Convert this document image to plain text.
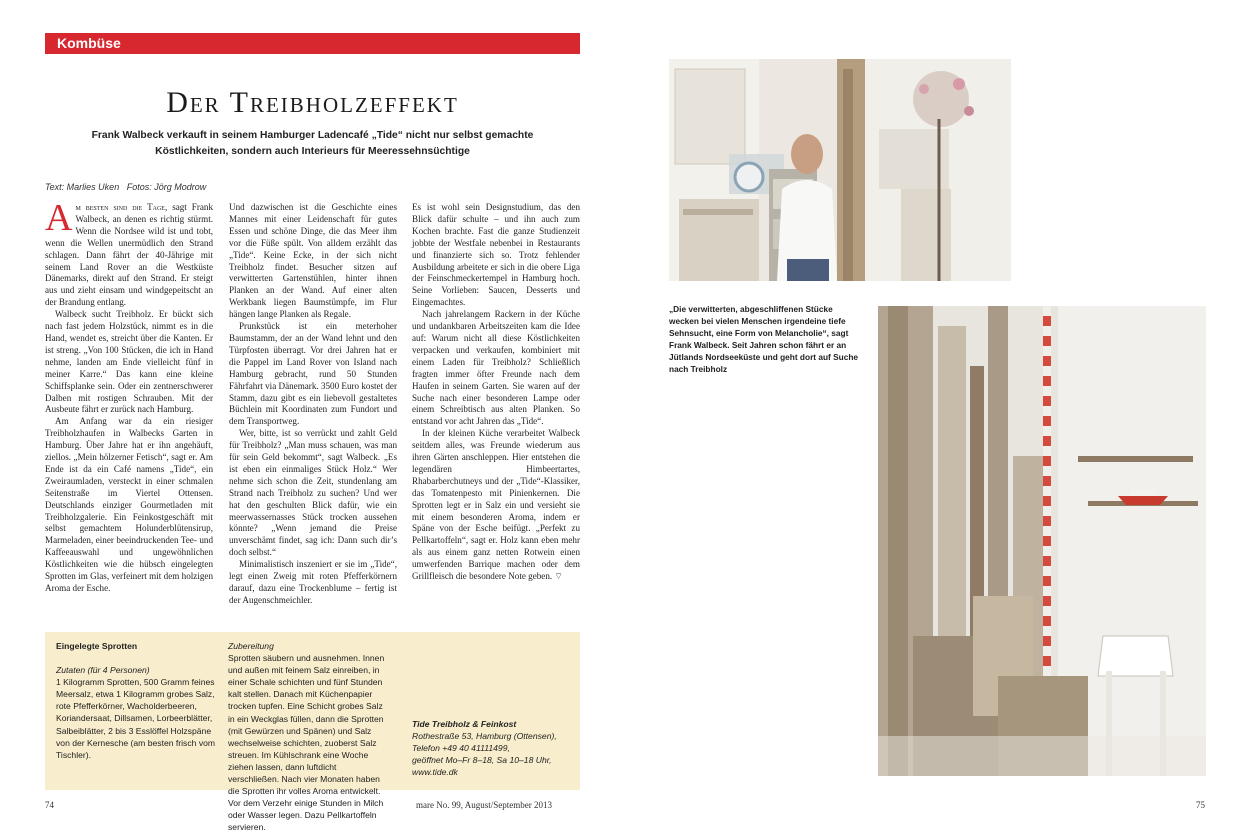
Kombüse
Der Treibholzeffekt
Frank Walbeck verkauft in seinem Hamburger Ladencafé „Tide“ nicht nur selbst gemachte Köstlichkeiten, sondern auch Interieurs für Meeressehnsüchtige
Text: Marlies Uken   Fotos: Jörg Modrow

Am besten sind die Tage, sagt Frank Walbeck, an denen es richtig stürmt. Wenn die Nordsee wild ist und tobt, wenn die Wellen unermüdlich den Strand schlagen. Dann fährt der 40-Jährige mit seinem Land Rover an die Westküste Dänemarks, direkt auf den Strand. Er steigt aus und zieht einsam und windgepeitscht an der Brandung entlang.

Walbeck sucht Treibholz. Er bückt sich nach fast jedem Holzstück, nimmt es in die Hand, wendet es, streicht über die Kanten. Er ist streng. „Von 100 Stücken, die ich in Hand nehme, landen am Ende vielleicht fünf in meiner Karre.“ Das kann eine kleine Schiffsplanke sein. Oder ein zentnerschwerer Dalben mit rostigen Schrauben. Mit der Ausbeute fährt er zurück nach Hamburg.

Am Anfang war da ein riesiger Treibholzhaufen in Walbecks Garten in Hamburg. Über Jahre hat er ihn angehäuft, ziellos. „Mein hölzerner Fetisch“, sagt er. Am Ende ist da ein Café namens „Tide“, ein Zweiraumladen, versteckt in einer schmalen Seitenstraße im Viertel Ottensen. Deutschlands einziger Gourmetladen mit Treibholzgalerie. Ein Feinkostgeschäft mit selbst gemachtem Holunderblütensirup, Marmeladen, einer beeindruckenden Tee- und Kaffeeauswahl und ungewöhnlichen Köstlichkeiten wie die hübsch eingelegten Sprotten im Glas, verfeinert mit dem holzigen Aroma der Esche.

Und dazwischen ist die Geschichte eines Mannes mit einer Leidenschaft für gutes Essen und schöne Dinge, die das Meer ihm vor die Füße spült. Von alldem erzählt das „Tide“. Keine Ecke, in der sich nicht Treibholz findet. Besucher sitzen auf verwitterten Gartenstühlen, hinter ihnen Planken an der Wand. Auf einer alten Werkbank liegen Baumstümpfe, im Flur hängen lange Planken als Regale.

Prunkstück ist ein meterhoher Baumstamm, der an der Wand lehnt und den Türpfosten überragt. Vor drei Jahren hat er die Pappel im Land Rover von Island nach Hamburg gebracht, rund 50 Stunden Fährfahrt via Dänemark. 3500 Euro kostet der Stamm, dazu gibt es ein liebevoll gestaltetes Büchlein mit Koordinaten zum Fundort und dem Transportweg.

Wer, bitte, ist so verrückt und zahlt Geld für Treibholz? „Man muss schauen, was man für sein Geld bekommt“, sagt Walbeck. „Es ist eben ein einmaliges Stück Holz.“ Wer nehme sich schon die Zeit, stundenlang am Strand nach Treibholz zu suchen? Und wer hat den geschulten Blick dafür, wie ein meerwassernasses Stück trocken aussehen könnte? „Wenn jemand die Preise unverschämt findet, sag ich: Dann such dir’s doch selbst.“

Minimalistisch inszeniert er sie im „Tide“, legt einen Zweig mit roten Pfefferkörnern darauf, dazu eine Trockenblume – fertig ist der Augenschmeichler.

Es ist wohl sein Designstudium, das den Blick dafür schulte – und ihn auch zum Kochen brachte. Fast die ganze Studienzeit jobbte der Westfale nebenbei in Restaurants und finanzierte sich so. Trotz fehlender Ausbildung arbeitete er sich in die obere Liga der Feinschmeckertempel in Hamburg hoch. Seine Vorlieben: Saucen, Desserts und Eingemachtes.

Nach jahrelangem Rackern in der Küche und undankbaren Arbeitszeiten kam die Idee auf: Warum nicht all diese Köstlichkeiten verpacken und verkaufen, kombiniert mit einem Laden für Treibholz? Schließlich fragten immer öfter Freunde nach dem Haufen in seinem Garten. Sie waren auf der Suche nach einer besonderen Lampe oder einem Schreibtisch aus alten Planken. So entstand vor acht Jahren das „Tide“.

In der kleinen Küche verarbeitet Walbeck seitdem alles, was Freunde wiederum aus ihren Gärten anschleppen. Hier entstehen die legendären Himbeertartes, Rhabarberchutneys und der „Tide“-Klassiker, das Tomatenpesto mit Pinienkernen. Die Sprotten legt er in Salz ein und versieht sie mit einem besonderen Aroma, indem er Späne von der Esche beifügt. „Perfekt zu Pellkartoffeln“, sagt er. Holz kann eben mehr als aus einem ganz netten Rotwein einen umwerfenden Barrique machen oder dem Grillfleisch die besondere Note geben. ⌔

Eingelegte Sprotten
Zutaten (für 4 Personen)
1 Kilogramm Sprotten, 500 Gramm feines Meersalz, etwa 1 Kilogramm grobes Salz, rote Pfefferkörner, Wacholderbeeren, Koriandersaat, Dillsamen, Lorbeerblätter, Salbeiblätter, 2 bis 3 Esslöffel Holzspäne von der Kernesche (am besten frisch vom Tischler).
Zubereitung
Sprotten säubern und ausnehmen. Innen und außen mit feinem Salz einreiben, in einer Schale schichten und fünf Stunden kalt stellen. Danach mit Küchenpapier trocken tupfen. Eine Schicht grobes Salz in ein Weckglas füllen, dann die Sprotten (mit Gewürzen und Spänen) und Salz wechselweise schichten, zuoberst Salz streuen. Im Kühlschrank eine Woche ziehen lassen, dann luftdicht verschließen. Nach vier Monaten haben die Sprotten ihr volles Aroma entwickelt. Vor dem Verzehr einige Stunden in Milch oder Wasser legen. Dazu Pellkartoffeln servieren.
Tide Treibholz & Feinkost
Rothestraße 53, Hamburg (Ottensen),
Telefon +49 40 41111499,
geöffnet Mo–Fr 8–18, Sa 10–18 Uhr,
www.tide.dk
74	mare No. 99, August/September 2013	75
„Die verwitterten, abgeschliffenen Stücke wecken bei vielen Menschen irgendeine tiefe Sehnsucht, eine Form von Melancholie“, sagt Frank Walbeck. Seit Jahren schon fährt er an Jütlands Nordseeküste und geht dort auf Suche nach Treibholz
